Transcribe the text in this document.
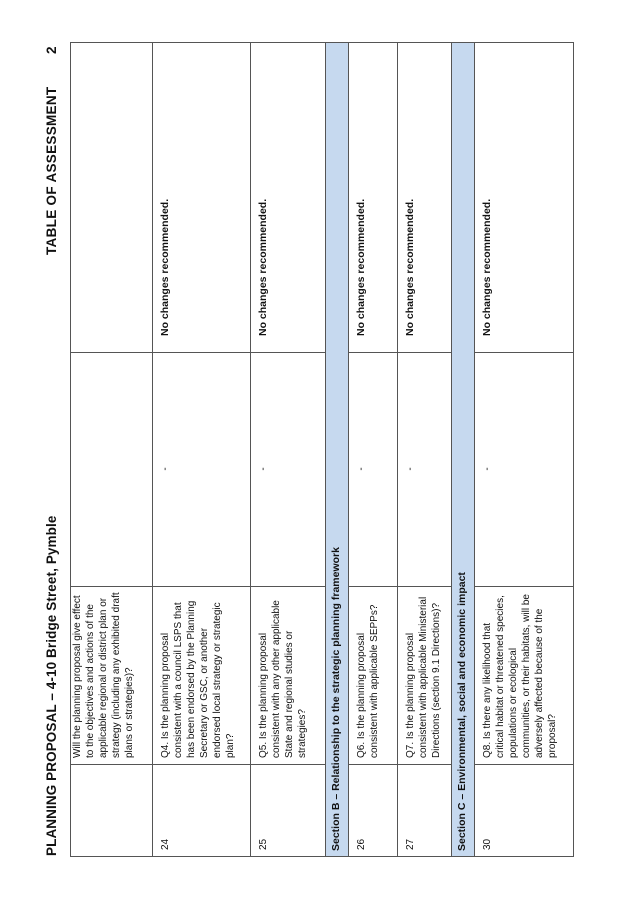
PLANNING PROPOSAL – 4-10 Bridge Street, Pymble
TABLE OF ASSESSMENT
2
	Will the planning proposal give effect to the objectives and actions of the applicable regional or district plan or strategy (including any exhibited draft plans or strategies)?		
24	Q4. Is the planning proposal consistent with a council LSPS that has been endorsed by the Planning Secretary or GSC, or another endorsed local strategy or strategic plan?	-	No changes recommended.
25	Q5. Is the planning proposal consistent with any other applicable State and regional studies or strategies?	-	No changes recommended.
Section B – Relationship to the strategic planning framework			
26	Q6. Is the planning proposal consistent with applicable SEPPs?	-	No changes recommended.
27	Q7. Is the planning proposal consistent with applicable Ministerial Directions (section 9.1 Directions)?	-	No changes recommended.
Section C – Environmental, social and economic impact			
30	Q8. Is there any likelihood that critical habitat or threatened species, populations or ecological communities, or their habitats, will be adversely affected because of the proposal?	-	No changes recommended.
